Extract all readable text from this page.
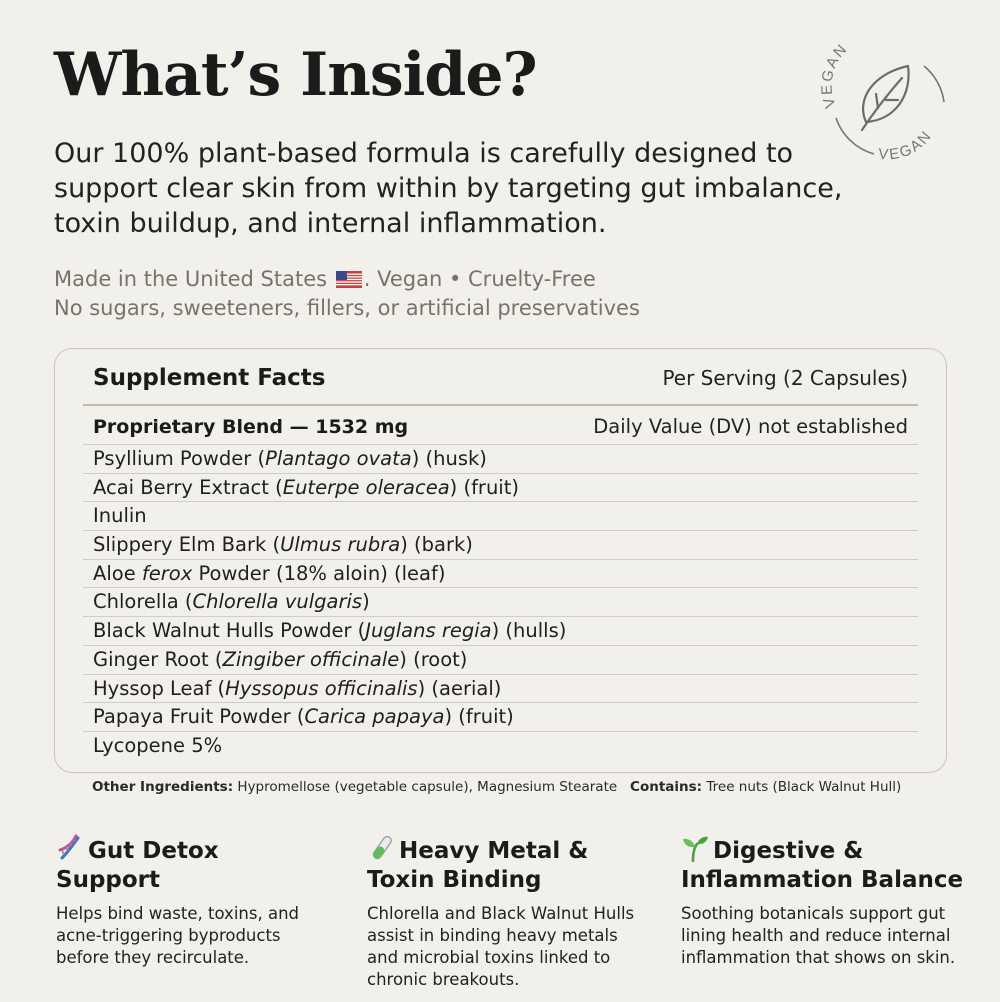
What’s Inside?

Our 100% plant-based formula is carefully designed to support clear skin from within by targeting gut imbalance, toxin buildup, and internal inflammation.

Made in the United States . Vegan • Cruelty-Free
No sugars, sweeteners, fillers, or artificial preservatives
VEGAN
VEGAN
Supplement Facts	Per Serving (2 Capsules)
Proprietary Blend — 1532 mg	Daily Value (DV) not established
Psyllium Powder (Plantago ovata) (husk)
Acai Berry Extract (Euterpe oleracea) (fruit)
Inulin
Slippery Elm Bark (Ulmus rubra) (bark)
Aloe ferox Powder (18% aloin) (leaf)
Chlorella (Chlorella vulgaris)
Black Walnut Hulls Powder (Juglans regia) (hulls)
Ginger Root (Zingiber officinale) (root)
Hyssop Leaf (Hyssopus officinalis) (aerial)
Papaya Fruit Powder (Carica papaya) (fruit)
Lycopene 5%
Other Ingredients: Hypromellose (vegetable capsule), Magnesium Stearate Contains: Tree nuts (Black Walnut Hull)
Gut Detox
Support
Helps bind waste, toxins, and acne-triggering byproducts before they recirculate.
Heavy Metal &
Toxin Binding
Chlorella and Black Walnut Hulls assist in binding heavy metals and microbial toxins linked to chronic breakouts.
Digestive &
Inflammation Balance
Soothing botanicals support gut lining health and reduce internal inflammation that shows on skin.
